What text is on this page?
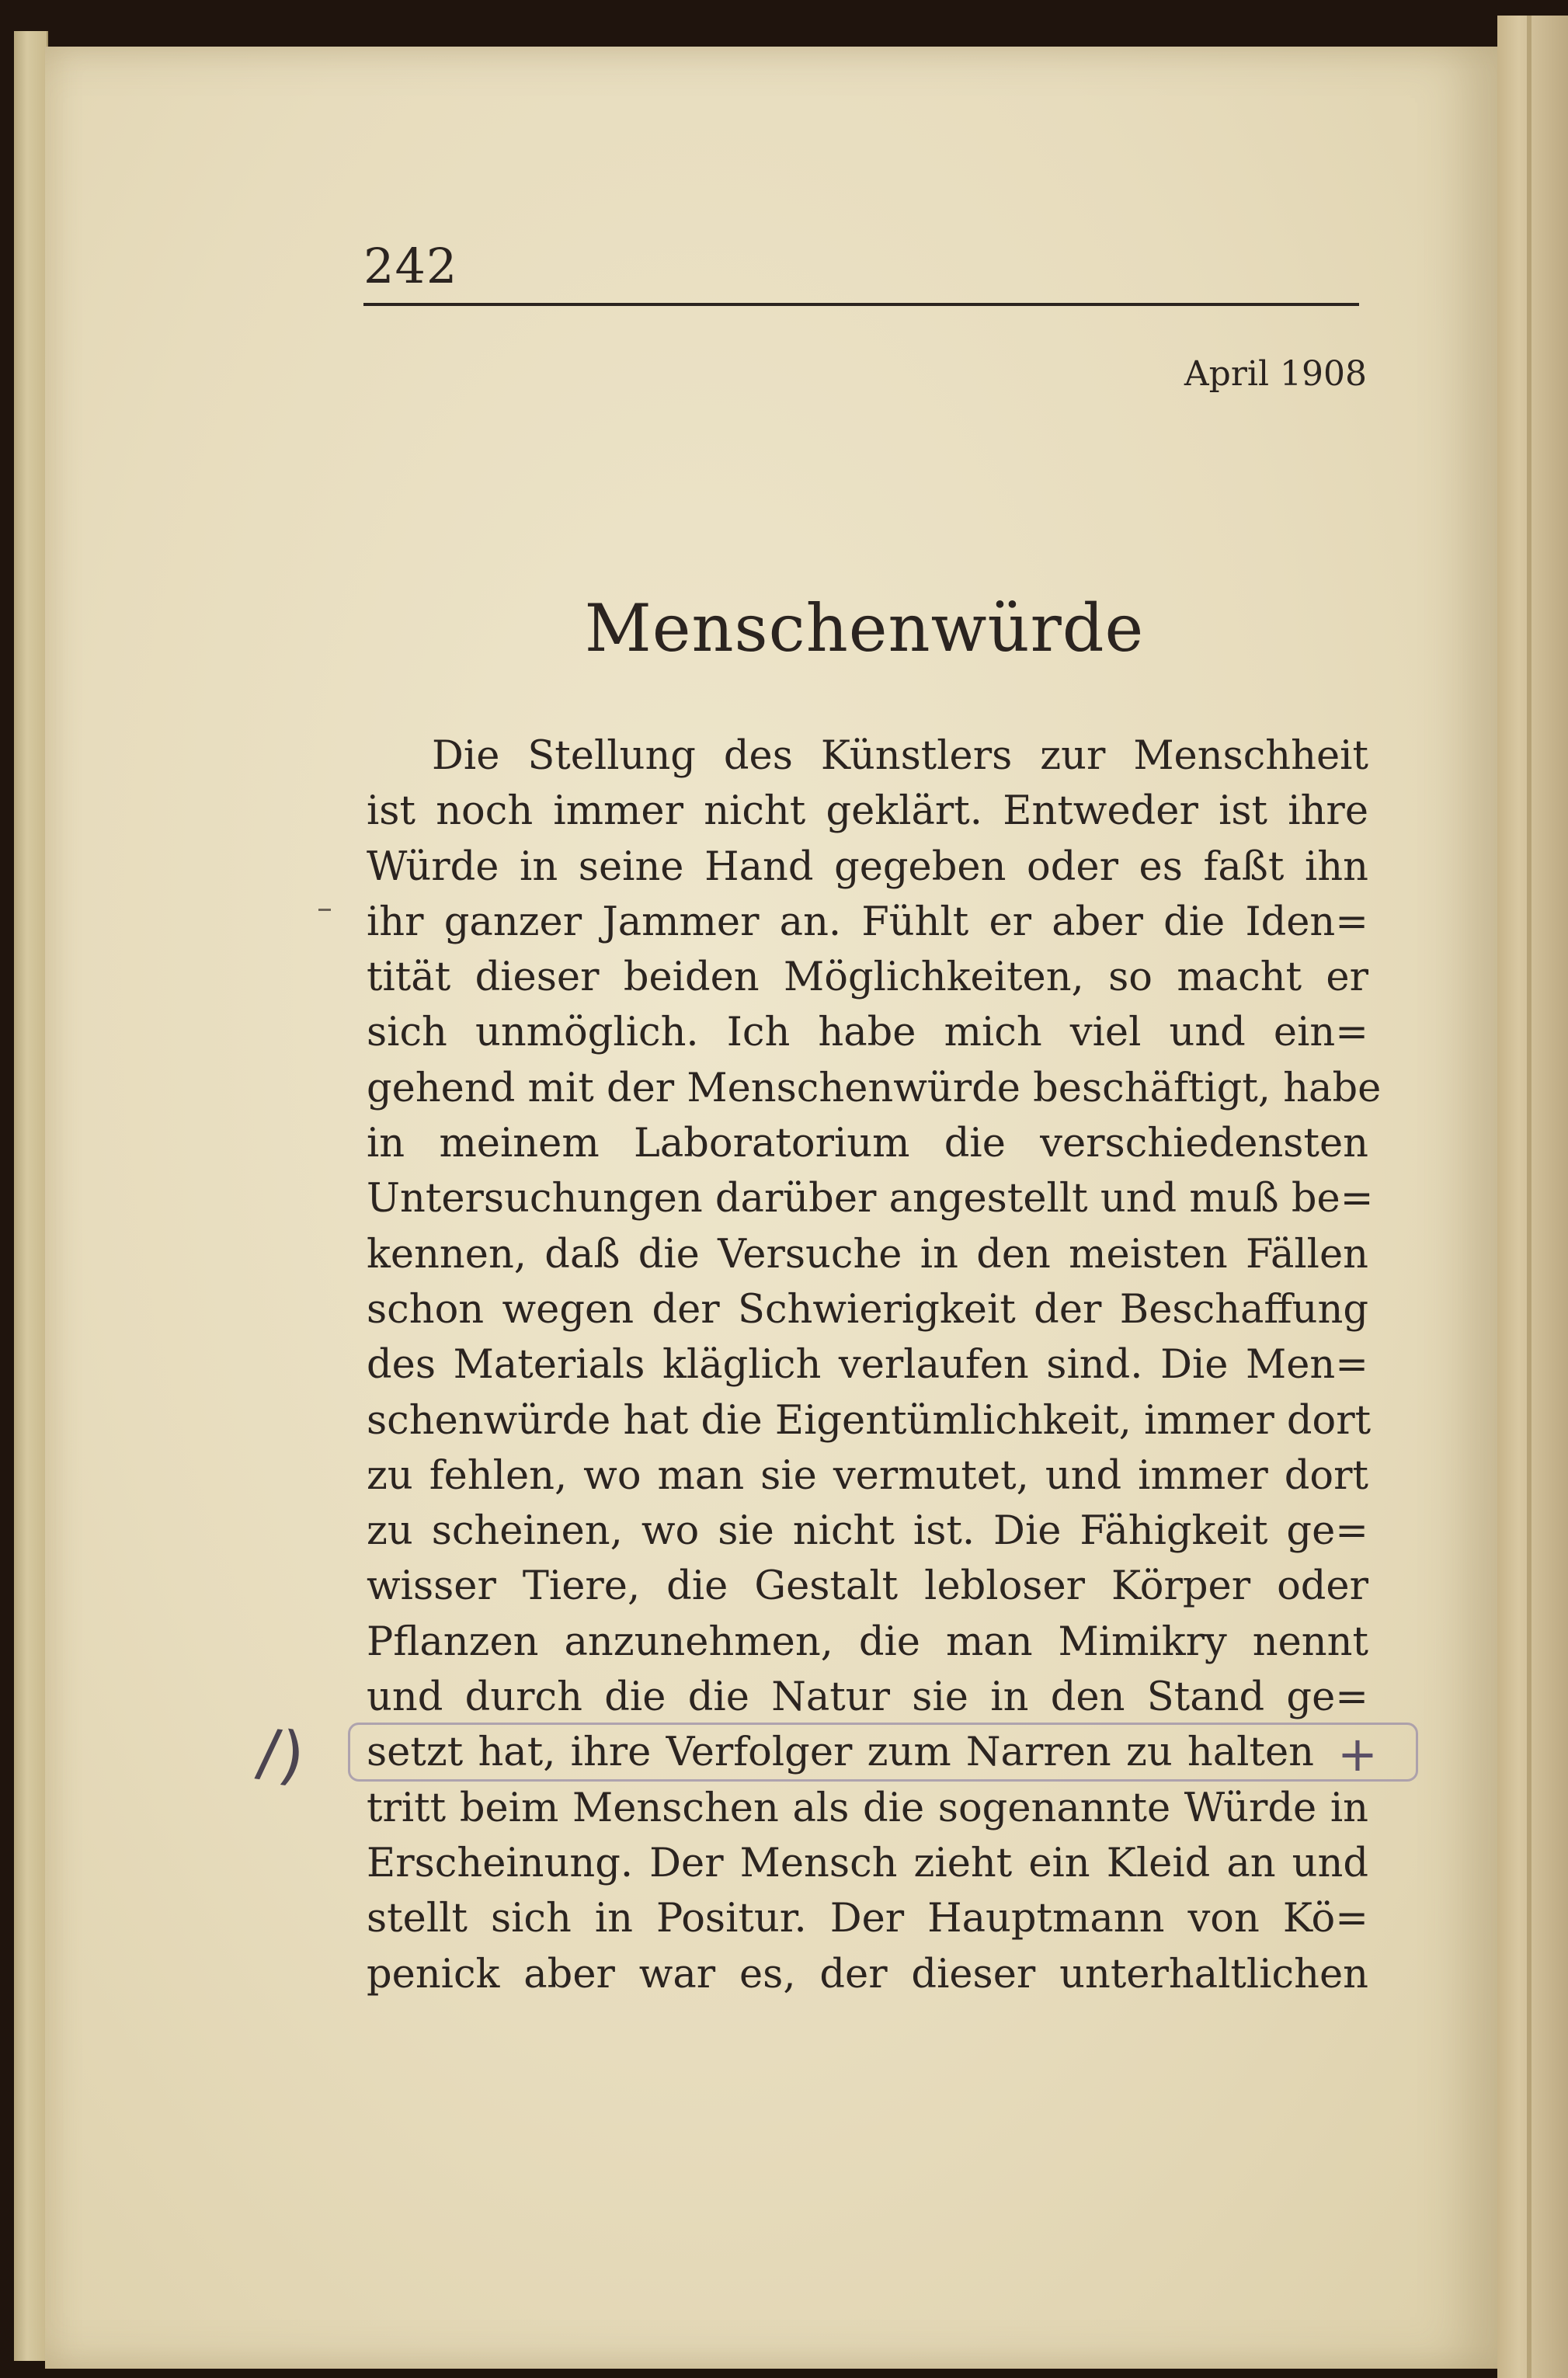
242
April 1908
Menschenwürde
Die Stellung des Künstlers zur Menschheit
ist noch immer nicht geklärt. Entweder ist ihre
Würde in seine Hand gegeben oder es faßt ihn
ihr ganzer Jammer an. Fühlt er aber die Iden=
tität dieser beiden Möglichkeiten, so macht er
sich unmöglich. Ich habe mich viel und ein=
gehend mit der Menschenwürde beschäftigt, habe
in meinem Laboratorium die verschiedensten
Untersuchungen darüber angestellt und muß be=
kennen, daß die Versuche in den meisten Fällen
schon wegen der Schwierigkeit der Beschaffung
des Materials kläglich verlaufen sind. Die Men=
schenwürde hat die Eigentümlichkeit, immer dort
zu fehlen, wo man sie vermutet, und immer dort
zu scheinen, wo sie nicht ist. Die Fähigkeit ge=
wisser Tiere, die Gestalt lebloser Körper oder
Pflanzen anzunehmen, die man Mimikry nennt
und durch die die Natur sie in den Stand ge=
setzt hat, ihre Verfolger zum Narren zu halten
tritt beim Menschen als die sogenannte Würde in
Erscheinung. Der Mensch zieht ein Kleid an und
stellt sich in Positur. Der Hauptmann von Kö=
penick aber war es, der dieser unterhaltlichen
/)	+
